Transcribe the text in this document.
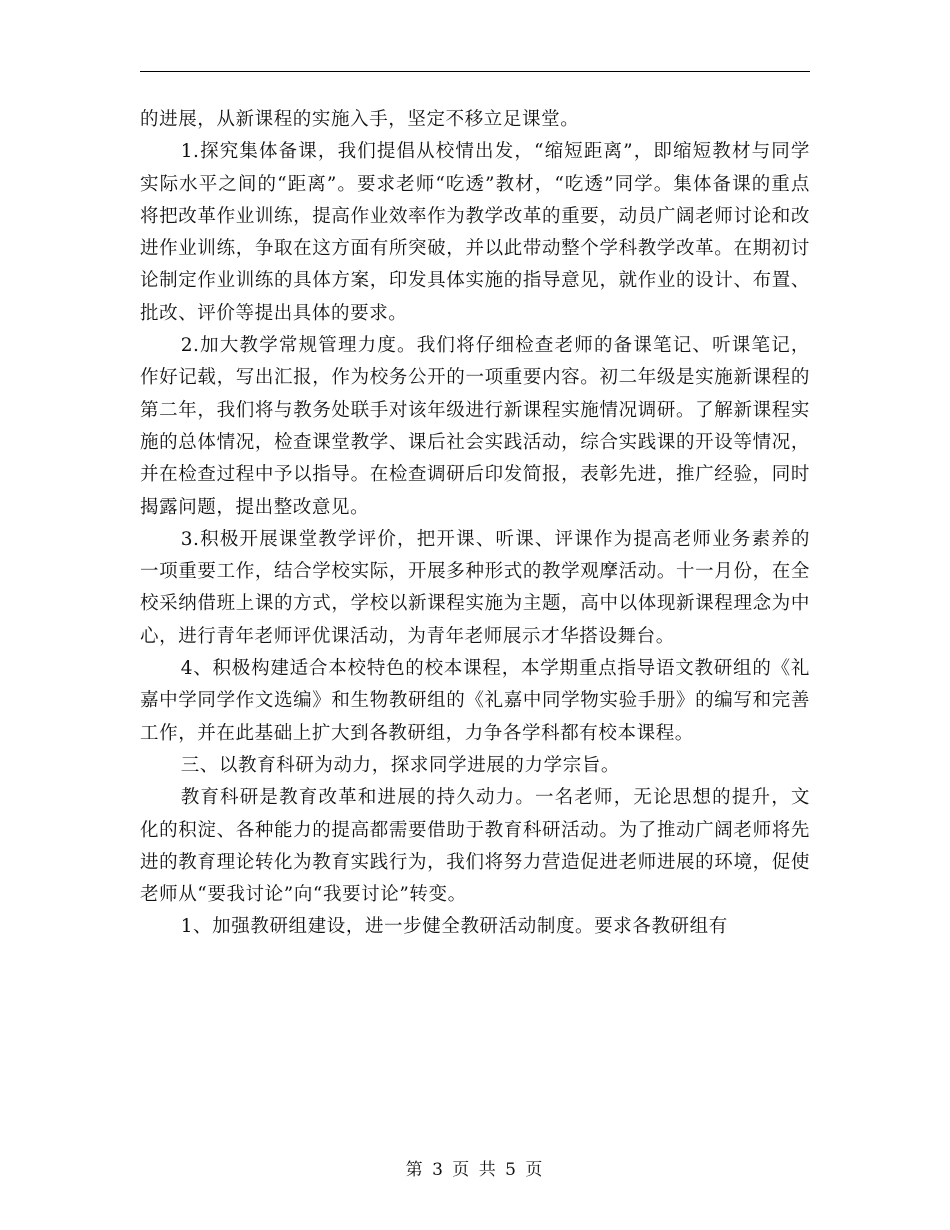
的进展，从新课程的实施入手，坚定不移立足课堂。

1.探究集体备课，我们提倡从校情出发，“缩短距离”，即缩短教材与同学实际水平之间的“距离”。要求老师“吃透”教材，“吃透”同学。集体备课的重点将把改革作业训练，提高作业效率作为教学改革的重要，动员广阔老师讨论和改进作业训练，争取在这方面有所突破，并以此带动整个学科教学改革。在期初讨论制定作业训练的具体方案，印发具体实施的指导意见，就作业的设计、布置、批改、评价等提出具体的要求。

2.加大教学常规管理力度。我们将仔细检查老师的备课笔记、听课笔记，作好记载，写出汇报，作为校务公开的一项重要内容。初二年级是实施新课程的第二年，我们将与教务处联手对该年级进行新课程实施情况调研。了解新课程实施的总体情况，检查课堂教学、课后社会实践活动，综合实践课的开设等情况，并在检查过程中予以指导。在检查调研后印发简报，表彰先进，推广经验，同时揭露问题，提出整改意见。

3.积极开展课堂教学评价，把开课、听课、评课作为提高老师业务素养的一项重要工作，结合学校实际，开展多种形式的教学观摩活动。十一月份，在全校采纳借班上课的方式，学校以新课程实施为主题，高中以体现新课程理念为中心，进行青年老师评优课活动，为青年老师展示才华搭设舞台。

4、积极构建适合本校特色的校本课程，本学期重点指导语文教研组的《礼嘉中学同学作文选编》和生物教研组的《礼嘉中同学物实验手册》的编写和完善工作，并在此基础上扩大到各教研组，力争各学科都有校本课程。

三、以教育科研为动力，探求同学进展的力学宗旨。

教育科研是教育改革和进展的持久动力。一名老师，无论思想的提升，文化的积淀、各种能力的提高都需要借助于教育科研活动。为了推动广阔老师将先进的教育理论转化为教育实践行为，我们将努力营造促进老师进展的环境，促使老师从“要我讨论”向“我要讨论”转变。

1、加强教研组建设，进一步健全教研活动制度。要求各教研组有

第 3 页 共 5 页
